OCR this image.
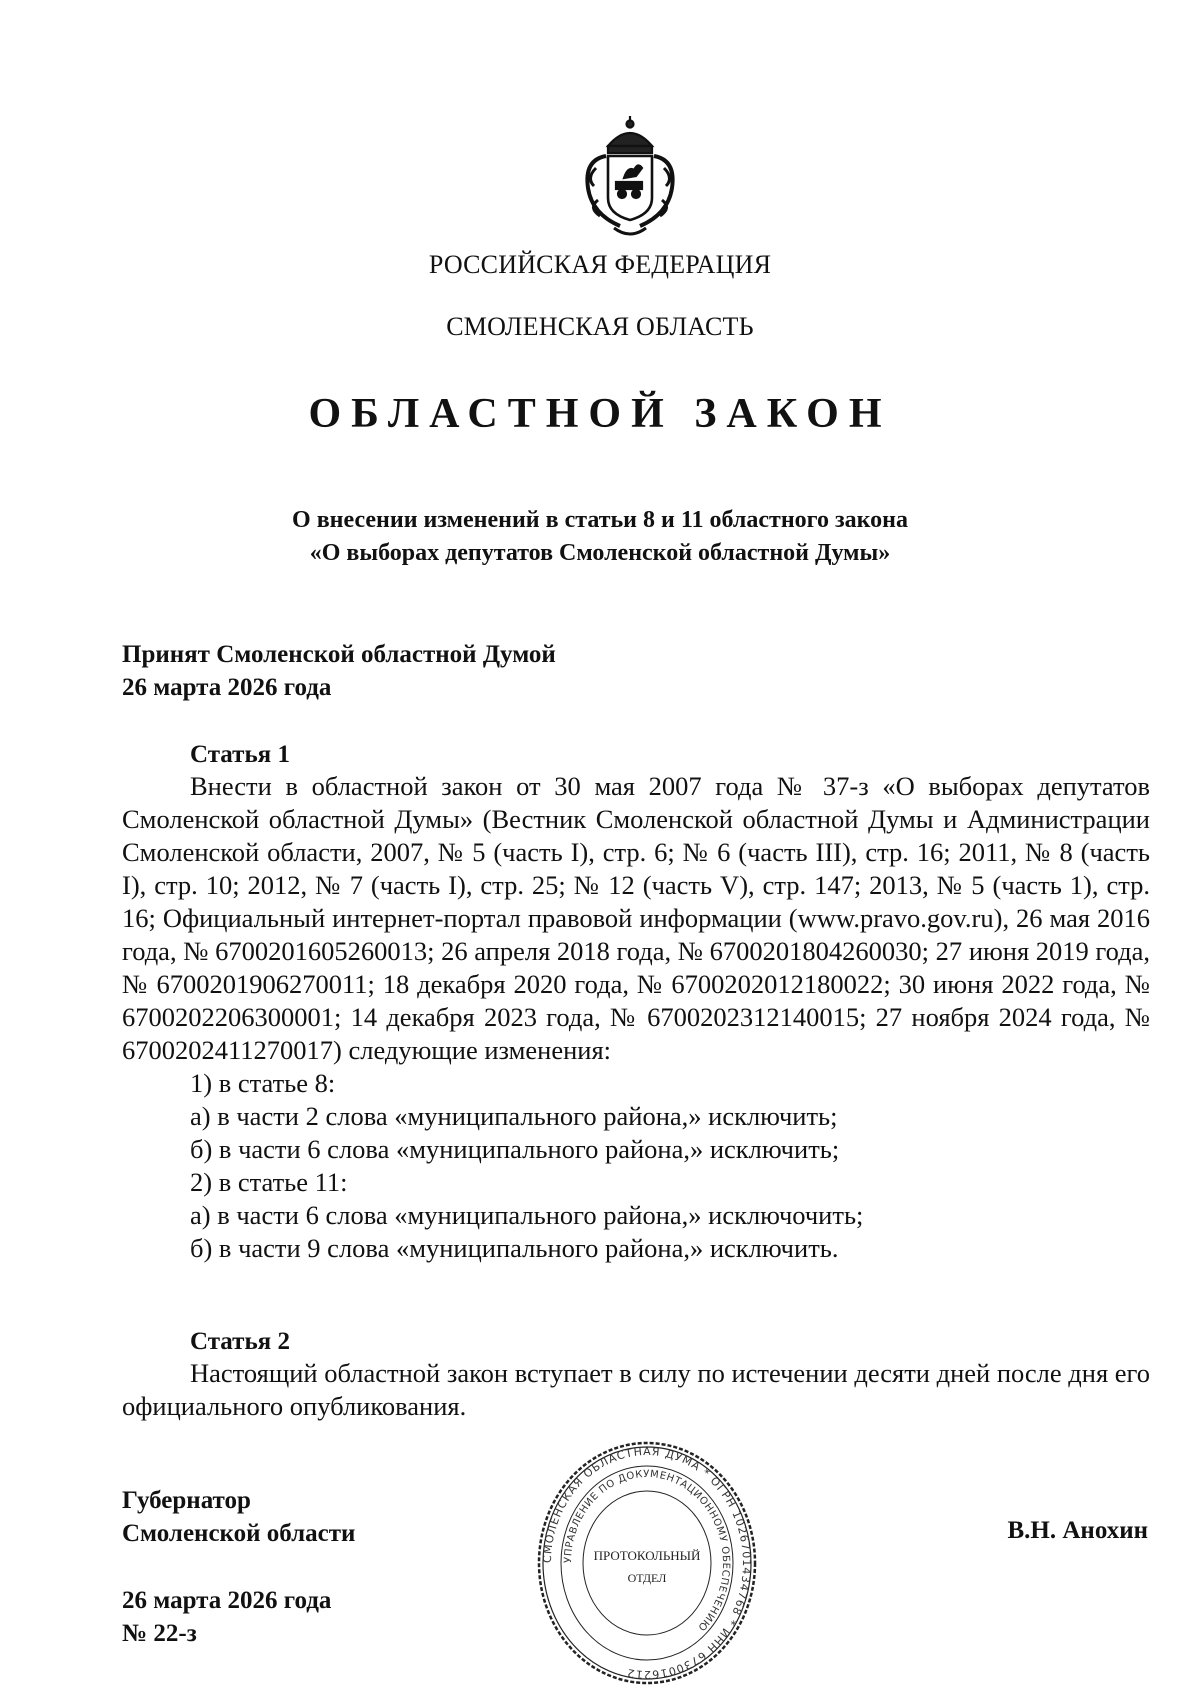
РОССИЙСКАЯ ФЕДЕРАЦИЯ
СМОЛЕНСКАЯ ОБЛАСТЬ
ОБЛАСТНОЙ ЗАКОН
О внесении изменений в статьи 8 и 11 областного закона
«О выборах депутатов Смоленской областной Думы»
Принят Смоленской областной Думой
26 марта 2026 года
Статья 1
Внести в областной закон от 30 мая 2007 года № 37-з «О выборах депутатов Смоленской областной Думы» (Вестник Смоленской областной Думы и Администрации Смоленской области, 2007, № 5 (часть I), стр. 6; № 6 (часть III), стр. 16; 2011, № 8 (часть I), стр. 10; 2012, № 7 (часть I), стр. 25; № 12 (часть V), стр. 147; 2013, № 5 (часть 1), стр. 16; Официальный интернет-портал правовой информации (www.pravo.gov.ru), 26 мая 2016 года, № 6700201605260013; 26 апреля 2018 года, № 6700201804260030; 27 июня 2019 года, № 6700201906270011; 18 декабря 2020 года, № 6700202012180022; 30 июня 2022 года, № 6700202206300001; 14 декабря 2023 года, № 6700202312140015; 27 ноября 2024 года, № 6700202411270017) следующие изменения:
1) в статье 8:
а) в части 2 слова «муниципального района,» исключить;
б) в части 6 слова «муниципального района,» исключить;
2) в статье 11:
а) в части 6 слова «муниципального района,» исключочить;
б) в части 9 слова «муниципального района,» исключить.
Статья 2
Настоящий областной закон вступает в силу по истечении десяти дней после дня его официального опубликования.
Губернатор
Смоленской области	В.Н. Анохин
26 марта 2026 года
№ 22-з
СМОЛЕНСКАЯ ОБЛАСТНАЯ ДУМА * ОГРН 1026701434768 * ИНН 6730016212
УПРАВЛЕНИЕ ПО ДОКУМЕНТАЦИОННОМУ ОБЕСПЕЧЕНИЮ
ПРОТОКОЛЬНЫЙ
ОТДЕЛ
